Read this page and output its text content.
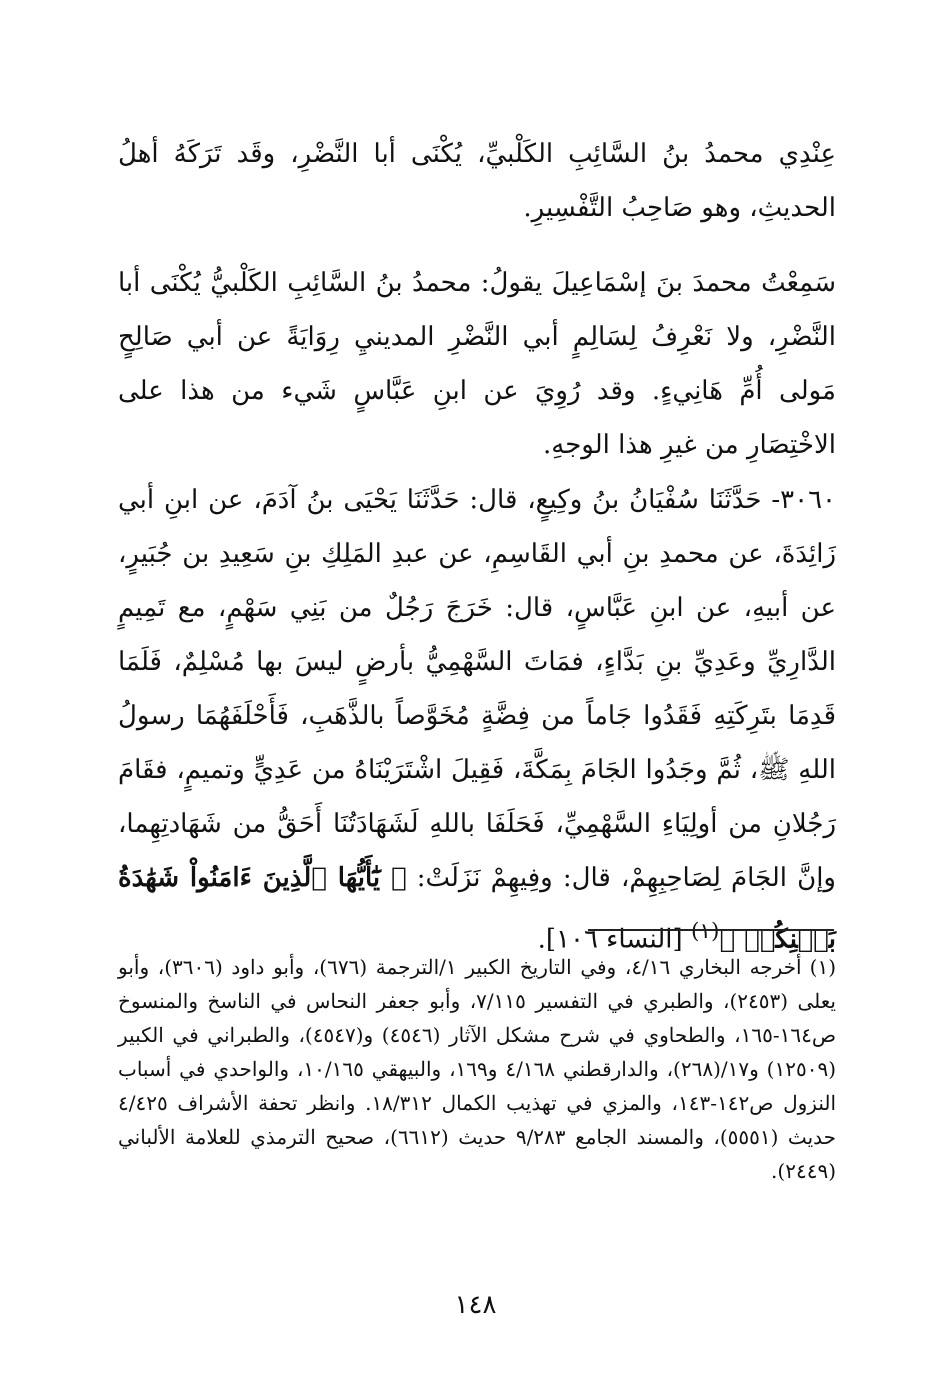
عِنْدِي محمدُ بنُ السَّائِبِ الكَلْبيِّ، يُكْنَى أبا النَّضْرِ، وقَد تَرَكَهُ أهلُ الحديثِ، وهو صَاحِبُ التَّفْسِيرِ.

سَمِعْتُ محمدَ بنَ إسْمَاعِيلَ يقولُ: محمدُ بنُ السَّائِبِ الكَلْبيُّ يُكْنَى أبا النَّضْرِ، ولا نَعْرِفُ لِسَالِمٍ أبي النَّضْرِ المدينيِ رِوَايَةً عن أبي صَالِحٍ مَولى أُمِّ هَانِيءٍ. وقد رُوِيَ عن ابنِ عَبَّاسٍ شَيء من هذا على الاخْتِصَارِ من غيرِ هذا الوجهِ.

٣٠٦٠- حَدَّثَنَا سُفْيَانُ بنُ وكِيعٍ، قال: حَدَّثَنَا يَحْيَى بنُ آدَمَ، عن ابنِ أبي زَائِدَةَ، عن محمدِ بنِ أبي القَاسِمِ، عن عبدِ المَلِكِ بنِ سَعِيدِ بن جُبَيرٍ، عن أبيهِ، عن ابنِ عَبَّاسٍ، قال: خَرَجَ رَجُلٌ من بَنِي سَهْمٍ، مع تَمِيمٍ الدَّارِيِّ وعَدِيِّ بنِ بَدَّاءٍ، فمَاتَ السَّهْمِيُّ بأرضٍ ليسَ بها مُسْلِمٌ، فَلَمَا قَدِمَا بتَرِكَتِهِ فَقَدُوا جَاماً من فِضَّةٍ مُخَوَّصاً بالذَّهَبِ، فَأَحْلَفَهُمَا رسولُ اللهِ ﷺ، ثُمَّ وجَدُوا الجَامَ بِمَكَّةَ، فَقِيلَ اشْتَرَيْنَاهُ من عَدِيٍّ وتميمٍ، فقَامَ رَجُلانِ من أولِيَاءِ السَّهْمِيِّ، فَحَلَفَا باللهِ لَشَهَادَتُنَا أَحَقُّ من شَهَادتِهِما، وإنَّ الجَامَ لِصَاحِبِهِمْ، قال: وفِيهِمْ نَزَلَتْ: ﴿ يَٰٓأَيُّهَا ٱلَّذِينَ ءَامَنُواْ شَهَٰدَةُ بَيۡنِكُمۡ ﴾$^{(١)}$ [النساء ١٠٦].

(١)أخرجه البخاري ٤/١٦، وفي التاريخ الكبير ١/الترجمة (٦٧٦)، وأبو داود (٣٦٠٦)، وأبو يعلى (٢٤٥٣)، والطبري في التفسير ٧/١١٥، وأبو جعفر النحاس في الناسخ والمنسوخ ص١٦٤-١٦٥، والطحاوي في شرح مشكل الآثار (٤٥٤٦) و(٤٥٤٧)، والطبراني في الكبير (١٢٥٠٩) و١٧/(٢٦٨)، والدارقطني ٤/١٦٨ و١٦٩، والبيهقي ١٠/١٦٥، والواحدي في أسباب النزول ص١٤٢-١٤٣، والمزي في تهذيب الكمال ١٨/٣١٢. وانظر تحفة الأشراف ٤/٤٢٥ حديث (٥٥٥١)، والمسند الجامع ٩/٢٨٣ حديث (٦٦١٢)، صحيح الترمذي للعلامة الألباني (٢٤٤٩).

١٤٨
